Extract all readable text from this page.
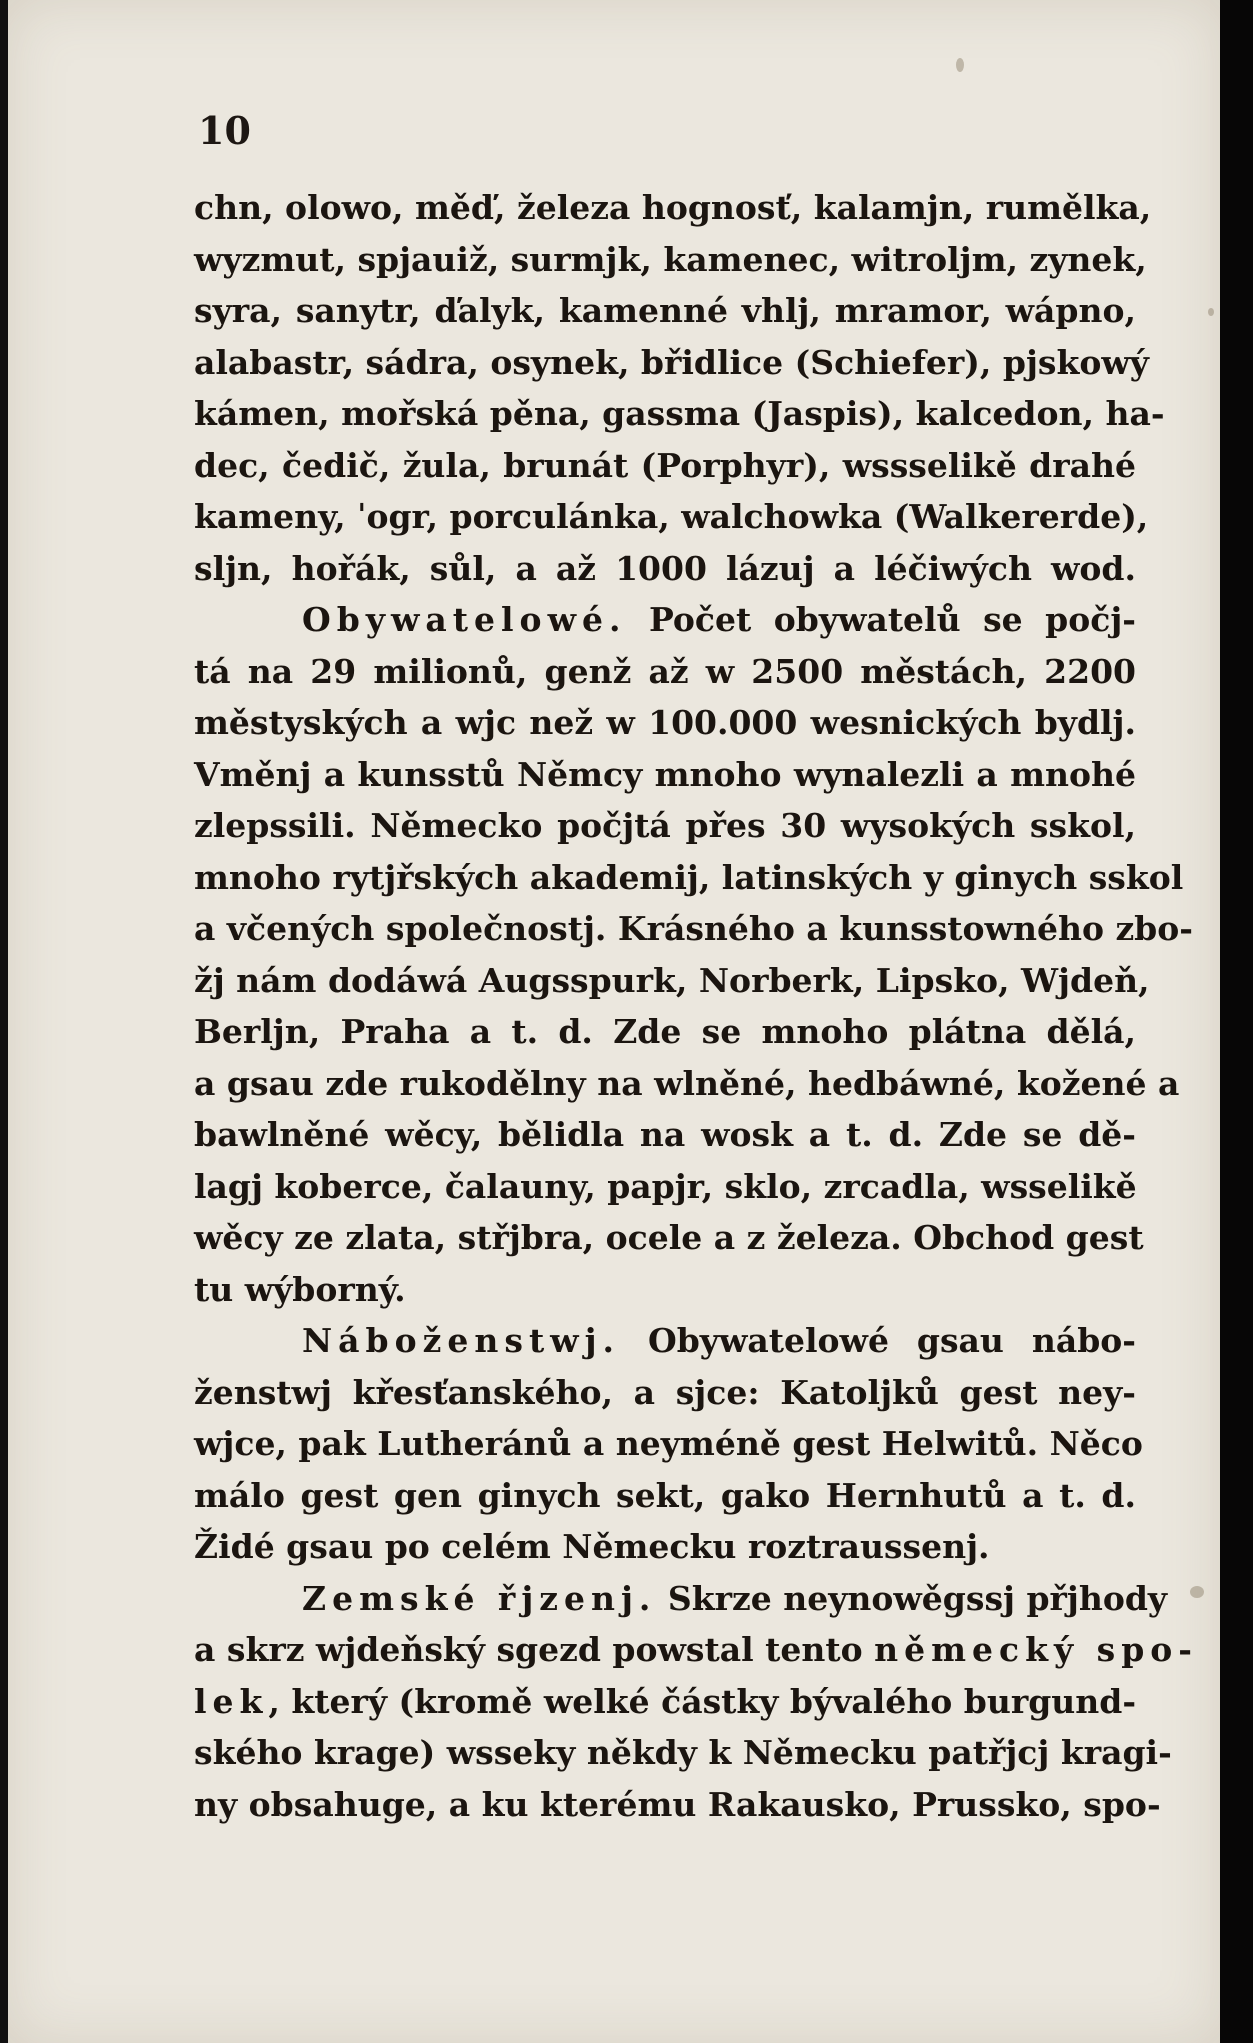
10
chn, olowo, měď, železa hognosť, kalamjn, rumělka,
wyzmut, spjauiž, surmjk, kamenec, witroljm, zynek,
syra, sanytr, ďalyk, kamenné vhlj, mramor, wápno,
alabastr, sádra, osynek, břidlice (Schiefer), pjskowý
kámen, mořská pěna, gassma (Jaspis), kalcedon, ha-
dec, čedič, žula, brunát (Porphyr), wssselikě drahé
kameny, ˈogr, porculánka, walchowka (Walkererde),
sljn, hořák, sůl, a až 1000 lázuj a léčiwých wod.
Obywatelowé. Počet obywatelů se počj-
tá na 29 milionů, genž až w 2500 městách, 2200
městyských a wjc než w 100.000 wesnických bydlj.
Vměnj a kunsstů Němcy mnoho wynalezli a mnohé
zlepssili. Německo počjtá přes 30 wysokých sskol,
mnoho rytjřských akademij, latinských y ginych sskol
a včených společnostj. Krásného a kunsstowného zbo-
žj nám dodáwá Augsspurk, Norberk, Lipsko, Wjdeň,
Berljn, Praha a t. d. Zde se mnoho plátna dělá,
a gsau zde rukodělny na wlněné, hedbáwné, kožené a
bawlněné wěcy, bělidla na wosk a t. d. Zde se dě-
lagj koberce, čalauny, papjr, sklo, zrcadla, wsselikě
wěcy ze zlata, střjbra, ocele a z železa. Obchod gest
tu wýborný.
Náboženstwj. Obywatelowé gsau nábo-
ženstwj křesťanského, a sjce: Katoljků gest ney-
wjce, pak Lutheránů a neyméně gest Helwitů. Něco
málo gest gen ginych sekt, gako Hernhutů a t. d.
Židé gsau po celém Německu roztraussenj.
Zemské řjzenj. Skrze neynowěgssj přjhody
a skrz wjdeňský sgezd powstal tento německý spo-
lek, který (kromě welké částky bývalého burgund-
ského krage) wsseky někdy k Německu patřjcj kragi-
ny obsahuge, a ku kterému Rakausko, Prussko, spo-
